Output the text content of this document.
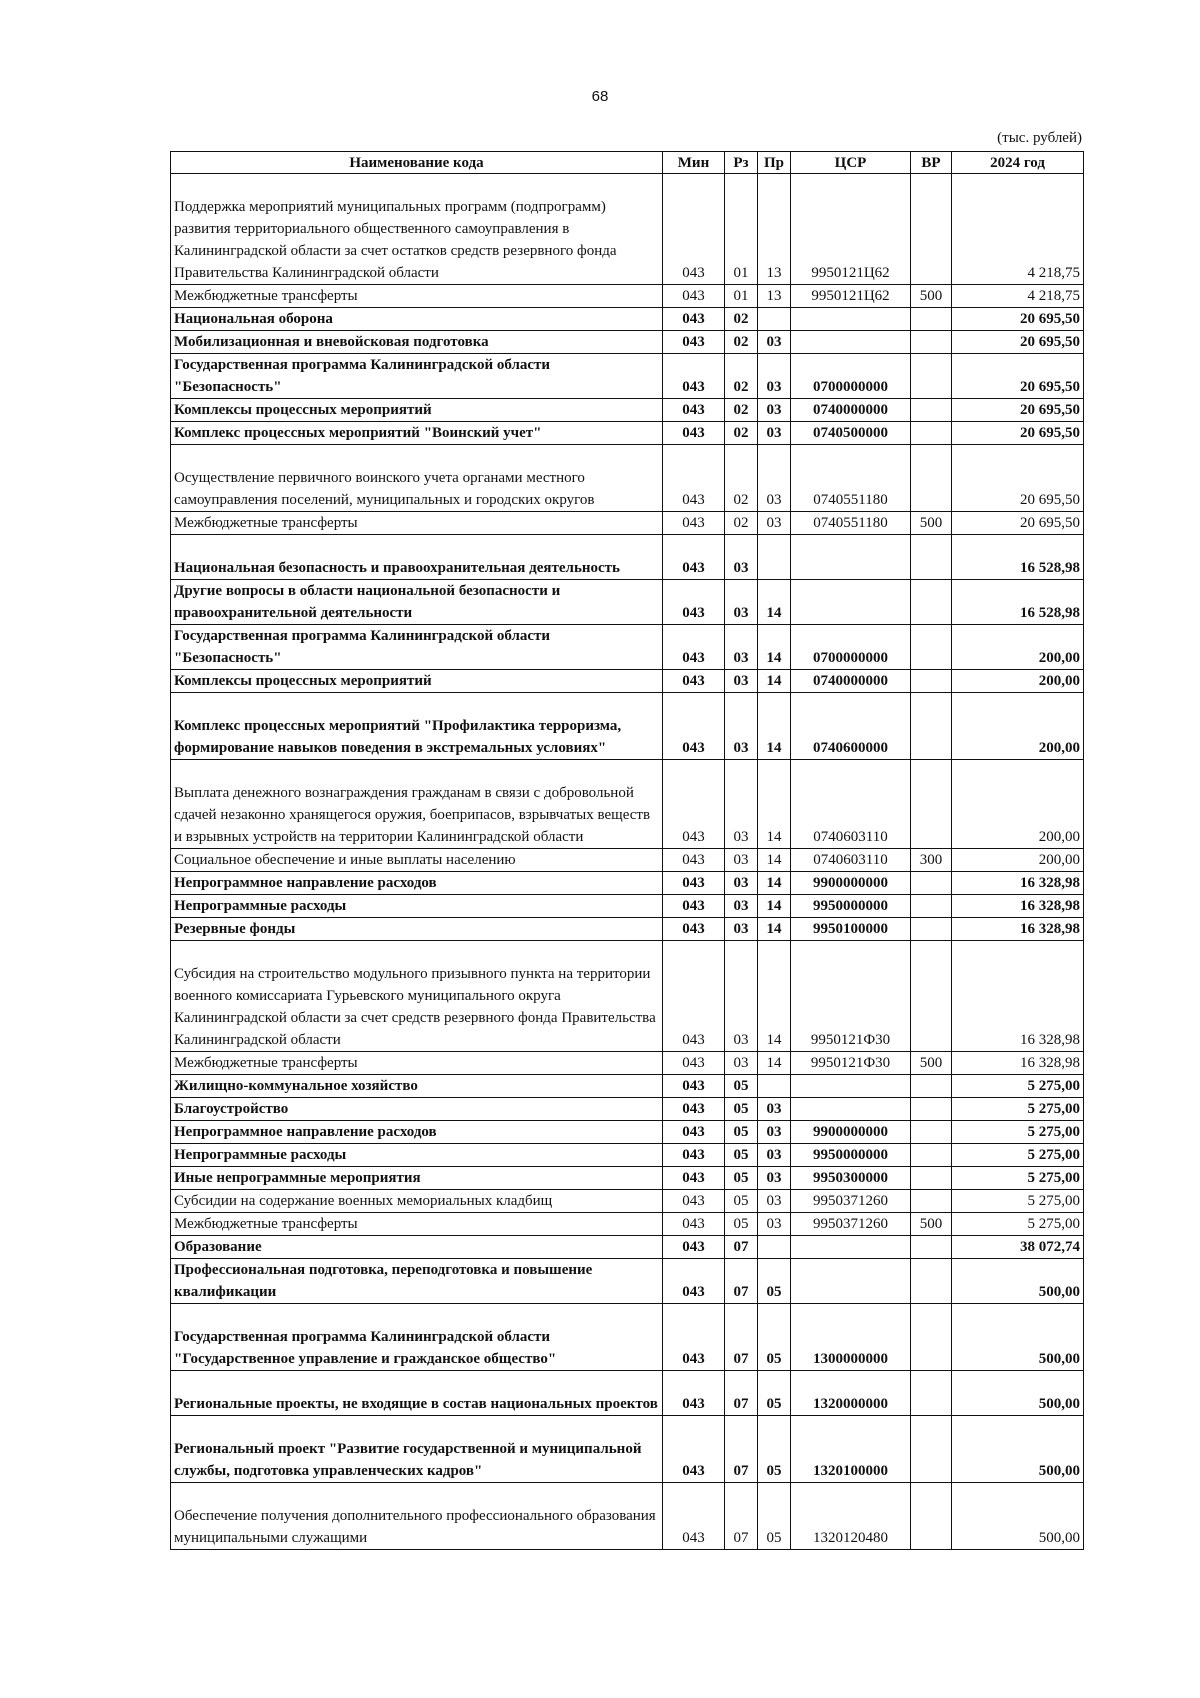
68
(тыс. рублей)
Наименование кода	Мин	Рз	Пр	ЦСР	ВР	2024 год
Поддержка мероприятий муниципальных программ (подпрограмм) развития территориального общественного самоуправления в Калининградской области за счет остатков средств резервного фонда Правительства Калининградской области	043	01	13	9950121Ц62		4 218,75
Межбюджетные трансферты	043	01	13	9950121Ц62	500	4 218,75
Национальная оборона	043	02				20 695,50
Мобилизационная и вневойсковая подготовка	043	02	03			20 695,50
Государственная программа Калининградской области "Безопасность"	043	02	03	0700000000		20 695,50
Комплексы процессных мероприятий	043	02	03	0740000000		20 695,50
Комплекс процессных мероприятий "Воинский учет"	043	02	03	0740500000		20 695,50
Осуществление первичного воинского учета органами местного самоуправления поселений, муниципальных и городских округов	043	02	03	0740551180		20 695,50
Межбюджетные трансферты	043	02	03	0740551180	500	20 695,50
Национальная безопасность и правоохранительная деятельность	043	03				16 528,98
Другие вопросы в области национальной безопасности и правоохранительной деятельности	043	03	14			16 528,98
Государственная программа Калининградской области "Безопасность"	043	03	14	0700000000		200,00
Комплексы процессных мероприятий	043	03	14	0740000000		200,00
Комплекс процессных мероприятий "Профилактика терроризма, формирование навыков поведения в экстремальных условиях"	043	03	14	0740600000		200,00
Выплата денежного вознаграждения гражданам в связи с добровольной сдачей незаконно хранящегося оружия, боеприпасов, взрывчатых веществ и взрывных устройств на территории Калининградской области	043	03	14	0740603110		200,00
Социальное обеспечение и иные выплаты населению	043	03	14	0740603110	300	200,00
Непрограммное направление расходов	043	03	14	9900000000		16 328,98
Непрограммные расходы	043	03	14	9950000000		16 328,98
Резервные фонды	043	03	14	9950100000		16 328,98
Субсидия на строительство модульного призывного пункта на территории военного комиссариата Гурьевского муниципального округа Калининградской области за счет средств резервного фонда Правительства Калининградской области	043	03	14	9950121Ф30		16 328,98
Межбюджетные трансферты	043	03	14	9950121Ф30	500	16 328,98
Жилищно-коммунальное хозяйство	043	05				5 275,00
Благоустройство	043	05	03			5 275,00
Непрограммное направление расходов	043	05	03	9900000000		5 275,00
Непрограммные расходы	043	05	03	9950000000		5 275,00
Иные непрограммные мероприятия	043	05	03	9950300000		5 275,00
Субсидии на содержание военных мемориальных кладбищ	043	05	03	9950371260		5 275,00
Межбюджетные трансферты	043	05	03	9950371260	500	5 275,00
Образование	043	07				38 072,74
Профессиональная подготовка, переподготовка и повышение квалификации	043	07	05			500,00
Государственная программа Калининградской области "Государственное управление и гражданское общество"	043	07	05	1300000000		500,00
Региональные проекты, не входящие в состав национальных проектов	043	07	05	1320000000		500,00
Региональный проект "Развитие государственной и муниципальной службы, подготовка управленческих кадров"	043	07	05	1320100000		500,00
Обеспечение получения дополнительного профессионального образования муниципальными служащими	043	07	05	1320120480		500,00
